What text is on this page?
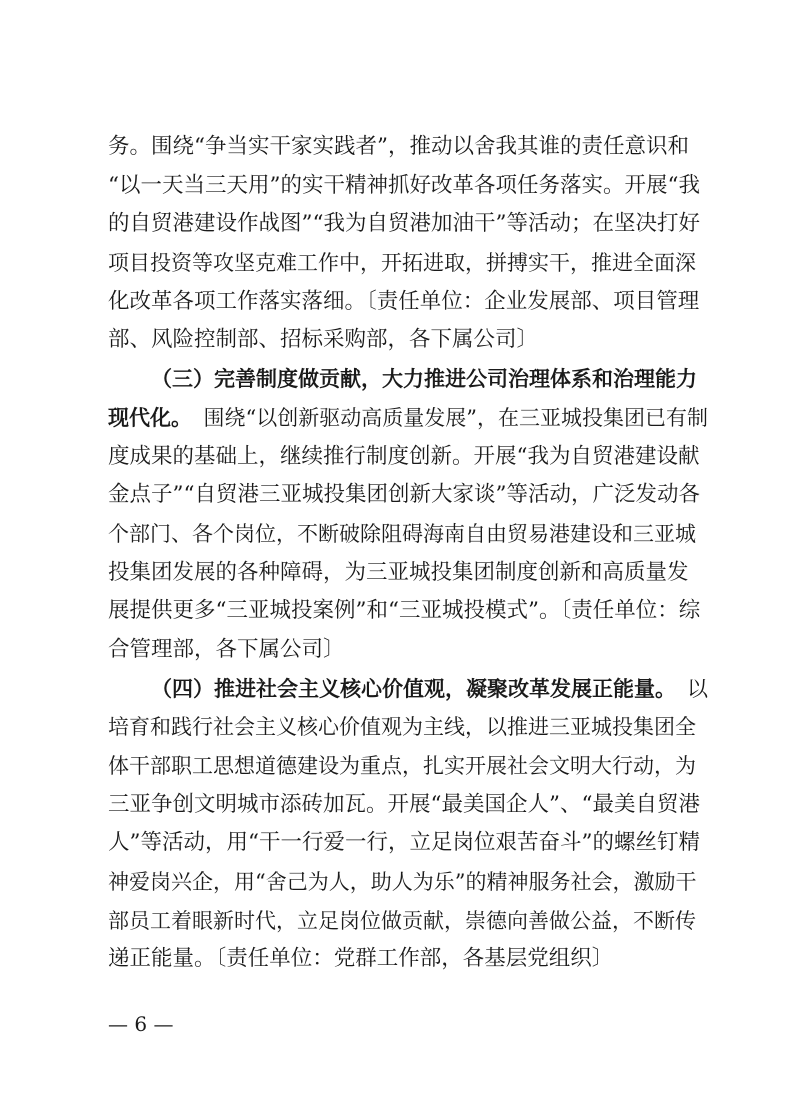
务。围绕“争当实干家实践者”，推动以舍我其谁的责任意识和
“以一天当三天用”的实干精神抓好改革各项任务落实。开展“我
的自贸港建设作战图”“我为自贸港加油干”等活动；在坚决打好
项目投资等攻坚克难工作中，开拓进取，拼搏实干，推进全面深
化改革各项工作落实落细。〔责任单位：企业发展部、项目管理
部、风险控制部、招标采购部，各下属公司〕
（三）完善制度做贡献，大力推进公司治理体系和治理能力
现代化。 围绕“以创新驱动高质量发展”，在三亚城投集团已有制
度成果的基础上，继续推行制度创新。开展“我为自贸港建设献
金点子”“自贸港三亚城投集团创新大家谈”等活动，广泛发动各
个部门、各个岗位，不断破除阻碍海南自由贸易港建设和三亚城
投集团发展的各种障碍，为三亚城投集团制度创新和高质量发
展提供更多“三亚城投案例”和“三亚城投模式”。〔责任单位：综
合管理部，各下属公司〕
（四）推进社会主义核心价值观，凝聚改革发展正能量。 以
培育和践行社会主义核心价值观为主线，以推进三亚城投集团全
体干部职工思想道德建设为重点，扎实开展社会文明大行动，为
三亚争创文明城市添砖加瓦。开展“最美国企人”、“最美自贸港
人”等活动，用“干一行爱一行，立足岗位艰苦奋斗”的螺丝钉精
神爱岗兴企，用“舍己为人，助人为乐”的精神服务社会，激励干
部员工着眼新时代，立足岗位做贡献，崇德向善做公益，不断传
递正能量。〔责任单位：党群工作部，各基层党组织〕
— 6 —
